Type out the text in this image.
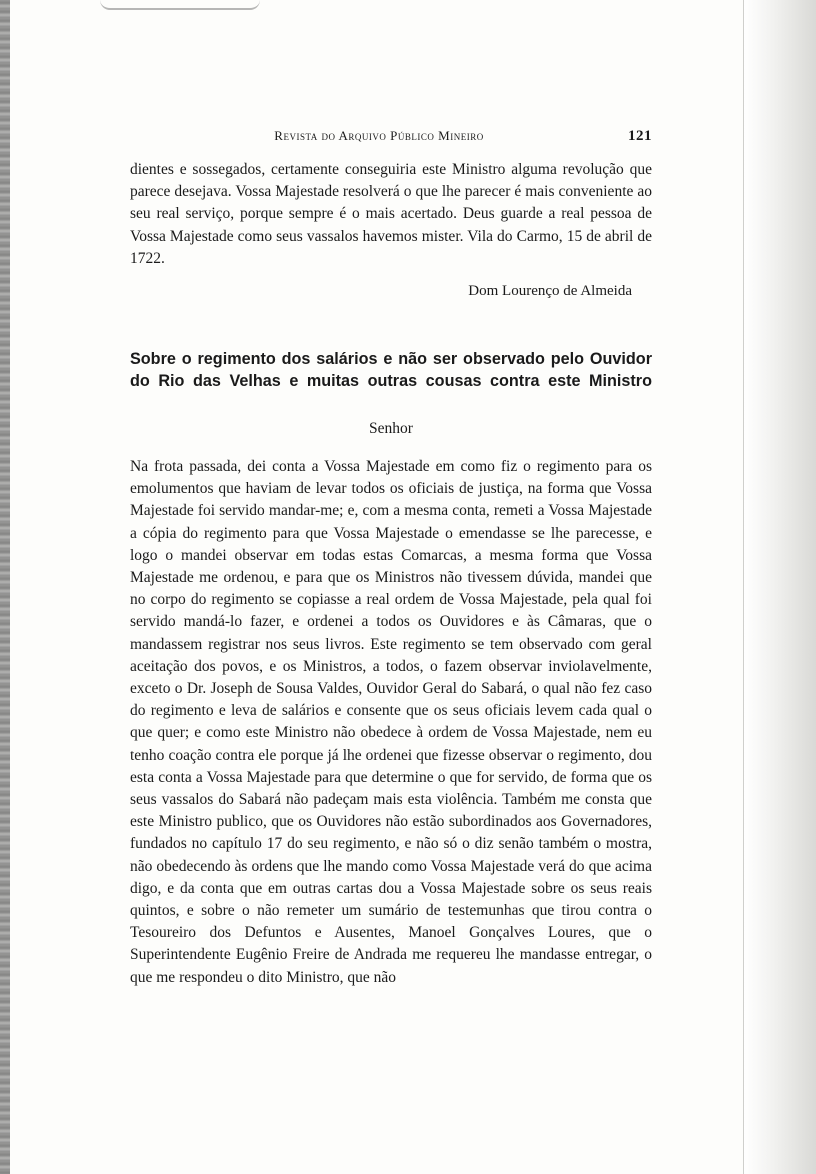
Revista do Arquivo Público Mineiro	121

dientes e sossegados, certamente conseguiria este Ministro alguma revolução que parece desejava. Vossa Majestade resolverá o que lhe parecer é mais conveniente ao seu real serviço, porque sempre é o mais acertado. Deus guarde a real pessoa de Vossa Majestade como seus vassalos havemos mister. Vila do Carmo, 15 de abril de 1722.

Dom Lourenço de Almeida

Sobre o regimento dos salários e não ser observado pelo Ouvidor
do Rio das Velhas e muitas outras cousas contra este Ministro
Senhor

Na frota passada, dei conta a Vossa Majestade em como fiz o regimento para os emolumentos que haviam de levar todos os oficiais de justiça, na forma que Vossa Majestade foi servido mandar-me; e, com a mesma conta, remeti a Vossa Majestade a cópia do regimento para que Vossa Majestade o emendasse se lhe parecesse, e logo o mandei observar em todas estas Comarcas, a mesma forma que Vossa Majestade me ordenou, e para que os Ministros não tivessem dúvida, mandei que no corpo do regimento se copiasse a real ordem de Vossa Majestade, pela qual foi servido mandá-lo fazer, e ordenei a todos os Ouvidores e às Câmaras, que o mandassem registrar nos seus livros. Este regimento se tem observado com geral aceitação dos povos, e os Ministros, a todos, o fazem observar inviolavelmente, exceto o Dr. Joseph de Sousa Valdes, Ouvidor Geral do Sabará, o qual não fez caso do regimento e leva de salários e consente que os seus oficiais levem cada qual o que quer; e como este Ministro não obedece à ordem de Vossa Majestade, nem eu tenho coação contra ele porque já lhe ordenei que fizesse observar o regimento, dou esta conta a Vossa Majestade para que determine o que for servido, de forma que os seus vassalos do Sabará não padeçam mais esta violência. Também me consta que este Ministro publico, que os Ouvidores não estão subordinados aos Governadores, fundados no capítulo 17 do seu regimento, e não só o diz senão também o mostra, não obedecendo às ordens que lhe mando como Vossa Majestade verá do que acima digo, e da conta que em outras cartas dou a Vossa Majestade sobre os seus reais quintos, e sobre o não remeter um sumário de testemunhas que tirou contra o Tesoureiro dos Defuntos e Ausentes, Manoel Gonçalves Loures, que o Superintendente Eugênio Freire de Andrada me requereu lhe mandasse entregar, o que me respondeu o dito Ministro, que não
